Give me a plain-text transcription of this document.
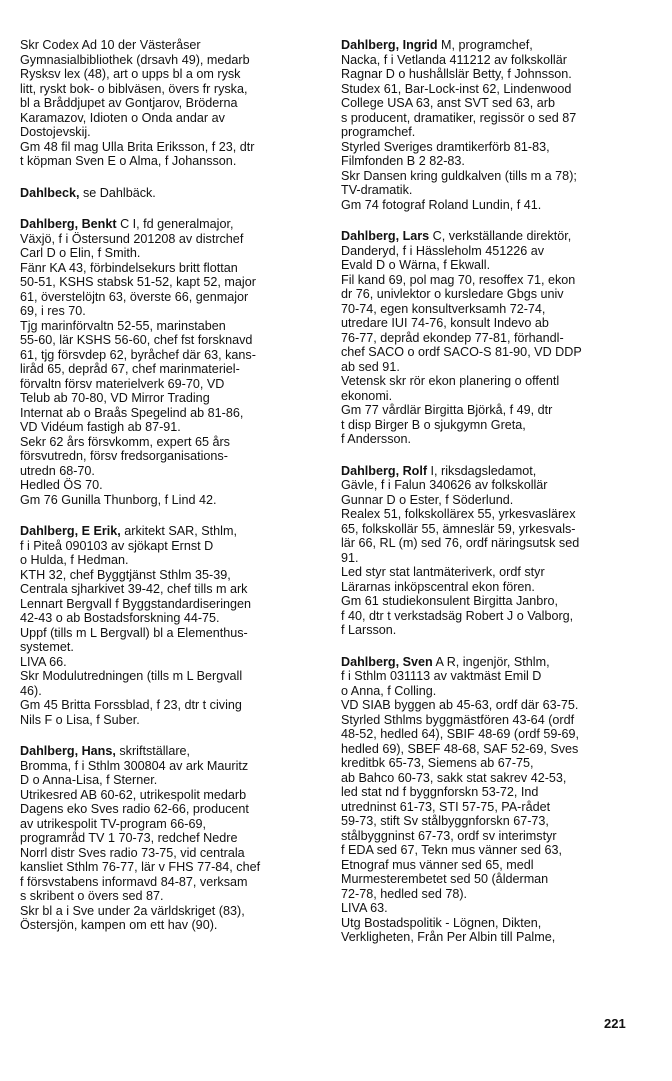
Skr Codex Ad 10 der Västeråser

Gymnasialbibliothek (drsavh 49), medarb

Rysksv lex (48), art o upps bl a om rysk

litt, ryskt bok- o biblväsen, övers fr ryska,

bl a Bråddjupet av Gontjarov, Bröderna

Karamazov, Idioten o Onda andar av

Dostojevskij.

Gm 48 fil mag Ulla Brita Eriksson, f 23, dtr

t köpman Sven E o Alma, f Johansson.

Dahlbeck, se Dahlbäck.

Dahlberg, Benkt C I, fd generalmajor,

Växjö, f i Östersund 201208 av distrchef

Carl D o Elin, f Smith.

Fänr KA 43, förbindelsekurs britt flottan

50-51, KSHS stabsk 51-52, kapt 52, major

61, överstelöjtn 63, överste 66, genmajor

69, i res 70.

Tjg marinförvaltn 52-55, marinstaben

55-60, lär KSHS 56-60, chef fst forsknavd

61, tjg försvdep 62, byråchef där 63, kans-

liråd 65, depråd 67, chef marinmateriel-

förvaltn försv materielverk 69-70, VD

Telub ab 70-80, VD Mirror Trading

Internat ab o Braås Spegelind ab 81-86,

VD Vidéum fastigh ab 87-91.

Sekr 62 års försvkomm, expert 65 års

försvutredn, försv fredsorganisations-

utredn 68-70.

Hedled ÖS 70.

Gm 76 Gunilla Thunborg, f Lind 42.

Dahlberg, E Erik, arkitekt SAR, Sthlm,

f i Piteå 090103 av sjökapt Ernst D

o Hulda, f Hedman.

KTH 32, chef Byggtjänst Sthlm 35-39,

Centrala sjharkivet 39-42, chef tills m ark

Lennart Bergvall f Byggstandardiseringen

42-43 o ab Bostadsforskning 44-75.

Uppf (tills m L Bergvall) bl a Elementhus-

systemet.

LIVA 66.

Skr Modulutredningen (tills m L Bergvall

46).

Gm 45 Britta Forssblad, f 23, dtr t civing

Nils F o Lisa, f Suber.

Dahlberg, Hans, skriftställare,

Bromma, f i Sthlm 300804 av ark Mauritz

D o Anna-Lisa, f Sterner.

Utrikesred AB 60-62, utrikespolit medarb

Dagens eko Sves radio 62-66, producent

av utrikespolit TV-program 66-69,

programråd TV 1 70-73, redchef Nedre

Norrl distr Sves radio 73-75, vid centrala

kansliet Sthlm 76-77, lär v FHS 77-84, chef

f försvstabens informavd 84-87, verksam

s skribent o övers sed 87.

Skr bl a i Sve under 2a världskriget (83),

Östersjön, kampen om ett hav (90).

Dahlberg, Ingrid M, programchef,

Nacka, f i Vetlanda 411212 av folkskollär

Ragnar D o hushållslär Betty, f Johnsson.

Studex 61, Bar-Lock-inst 62, Lindenwood

College USA 63, anst SVT sed 63, arb

s producent, dramatiker, regissör o sed 87

programchef.

Styrled Sveriges dramtikerförb 81-83,

Filmfonden B 2 82-83.

Skr Dansen kring guldkalven (tills m a 78);

TV-dramatik.

Gm 74 fotograf Roland Lundin, f 41.

Dahlberg, Lars C, verkställande direktör,

Danderyd, f i Hässleholm 451226 av

Evald D o Wärna, f Ekwall.

Fil kand 69, pol mag 70, resoffex 71, ekon

dr 76, univlektor o kursledare Gbgs univ

70-74, egen konsultverksamh 72-74,

utredare IUI 74-76, konsult Indevo ab

76-77, depråd ekondep 77-81, förhandl-

chef SACO o ordf SACO-S 81-90, VD DDP

ab sed 91.

Vetensk skr rör ekon planering o offentl

ekonomi.

Gm 77 vårdlär Birgitta Björkå, f 49, dtr

t disp Birger B o sjukgymn Greta,

f Andersson.

Dahlberg, Rolf I, riksdagsledamot,

Gävle, f i Falun 340626 av folkskollär

Gunnar D o Ester, f Söderlund.

Realex 51, folkskollärex 55, yrkesvaslärex

65, folkskollär 55, ämneslär 59, yrkesvals-

lär 66, RL (m) sed 76, ordf näringsutsk sed

91.

Led styr stat lantmäteriverk, ordf styr

Lärarnas inköpscentral ekon fören.

Gm 61 studiekonsulent Birgitta Janbro,

f 40, dtr t verkstadsäg Robert J o Valborg,

f Larsson.

Dahlberg, Sven A R, ingenjör, Sthlm,

f i Sthlm 031113 av vaktmäst Emil D

o Anna, f Colling.

VD SIAB byggen ab 45-63, ordf där 63-75.

Styrled Sthlms byggmästfören 43-64 (ordf

48-52, hedled 64), SBIF 48-69 (ordf 59-69,

hedled 69), SBEF 48-68, SAF 52-69, Sves

kreditbk 65-73, Siemens ab 67-75,

ab Bahco 60-73, sakk stat sakrev 42-53,

led stat nd f byggnforskn 53-72, Ind

utredninst 61-73, STI 57-75, PA-rådet

59-73, stift Sv stålbyggnforskn 67-73,

stålbyggninst 67-73, ordf sv interimstyr

f EDA sed 67, Tekn mus vänner sed 63,

Etnograf mus vänner sed 65, medl

Murmesterembetet sed 50 (ålderman

72-78, hedled sed 78).

LIVA 63.

Utg Bostadspolitik - Lögnen, Dikten,

Verkligheten, Från Per Albin till Palme,

221
